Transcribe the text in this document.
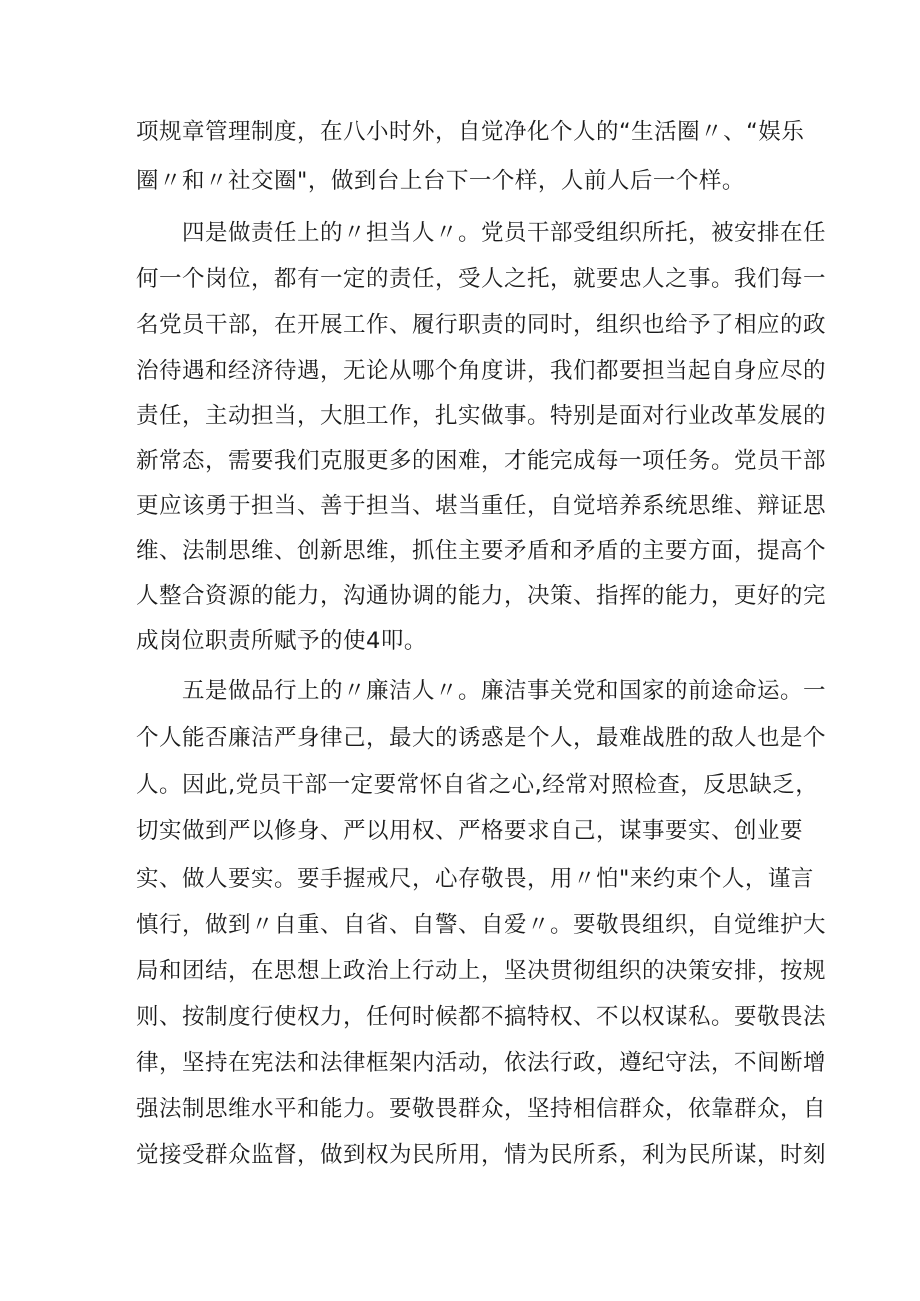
项规章管理制度，在八小时外，自觉净化个人的“生活圈〃、“娱乐
圈〃和〃社交圈"，做到台上台下一个样，人前人后一个样。
四是做责任上的〃担当人〃。党员干部受组织所托，被安排在任
何一个岗位，都有一定的责任，受人之托，就要忠人之事。我们每一
名党员干部，在开展工作、履行职责的同时，组织也给予了相应的政
治待遇和经济待遇，无论从哪个角度讲，我们都要担当起自身应尽的
责任，主动担当，大胆工作，扎实做事。特别是面对行业改革发展的
新常态，需要我们克服更多的困难，才能完成每一项任务。党员干部
更应该勇于担当、善于担当、堪当重任，自觉培养系统思维、辩证思
维、法制思维、创新思维，抓住主要矛盾和矛盾的主要方面，提高个
人整合资源的能力，沟通协调的能力，决策、指挥的能力，更好的完
成岗位职责所赋予的使4叩。
五是做品行上的〃廉洁人〃。廉洁事关党和国家的前途命运。一
个人能否廉洁严身律己，最大的诱惑是个人，最难战胜的敌人也是个
人。因此,党员干部一定要常怀自省之心,经常对照检查，反思缺乏，
切实做到严以修身、严以用权、严格要求自己，谋事要实、创业要
实、做人要实。要手握戒尺，心存敬畏，用〃怕"来约束个人，谨言
慎行，做到〃自重、自省、自警、自爱〃。要敬畏组织，自觉维护大
局和团结，在思想上政治上行动上，坚决贯彻组织的决策安排，按规
则、按制度行使权力，任何时候都不搞特权、不以权谋私。要敬畏法
律，坚持在宪法和法律框架内活动，依法行政，遵纪守法，不间断增
强法制思维水平和能力。要敬畏群众，坚持相信群众，依靠群众，自
觉接受群众监督，做到权为民所用，情为民所系，利为民所谋，时刻
